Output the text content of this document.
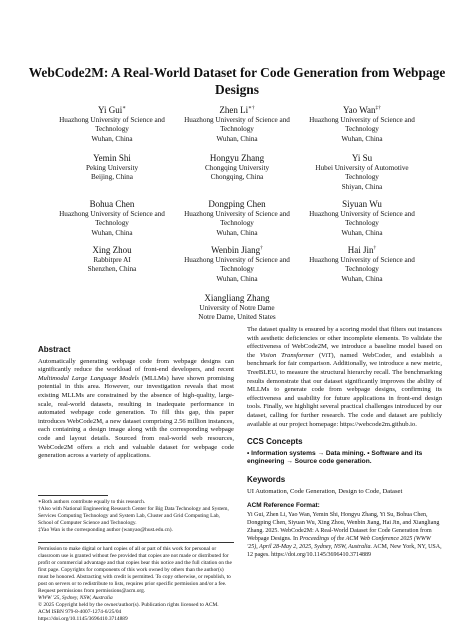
WebCode2M: A Real-World Dataset for Code Generation from Webpage Designs
Yi Gui∗
Huazhong University of Science and
Technology
Wuhan, China
Zhen Li∗†
Huazhong University of Science and
Technology
Wuhan, China
Yao Wan‡†
Huazhong University of Science and
Technology
Wuhan, China
Yemin Shi
Peking University
Beijing, China
Hongyu Zhang
Chongqing University
Chongqing, China
Yi Su
Hubei University of Automotive
Technology
Shiyan, China
Bohua Chen
Huazhong University of Science and
Technology
Wuhan, China
Dongping Chen
Huazhong University of Science and
Technology
Wuhan, China
Siyuan Wu
Huazhong University of Science and
Technology
Wuhan, China
Xing Zhou
Rabbitpre AI
Shenzhen, China
Wenbin Jiang†
Huazhong University of Science and
Technology
Wuhan, China
Hai Jin†
Huazhong University of Science and
Technology
Wuhan, China
Xiangliang Zhang
University of Notre Dame
Notre Dame, United States
Abstract

Automatically generating webpage code from webpage designs can significantly reduce the workload of front-end developers, and recent Multimodal Large Language Models (MLLMs) have shown promising potential in this area. However, our investigation reveals that most existing MLLMs are constrained by the absence of high-quality, large-scale, real-world datasets, resulting in inadequate performance in automated webpage code generation. To fill this gap, this paper introduces WebCode2M, a new dataset comprising 2.56 million instances, each containing a design image along with the corresponding webpage code and layout details. Sourced from real-world web resources, WebCode2M offers a rich and valuable dataset for webpage code generation across a variety of applications.

∗Both authors contribute equally to this research.
†Also with National Engineering Research Center for Big Data Technology and System, Services Computing Technology and System Lab, Cluster and Grid Computing Lab, School of Computer Science and Technology.
‡Yao Wan is the corresponding author (wanyao@hust.edu.cn).
Permission to make digital or hard copies of all or part of this work for personal or classroom use is granted without fee provided that copies are not made or distributed for profit or commercial advantage and that copies bear this notice and the full citation on the first page. Copyrights for components of this work owned by others than the author(s) must be honored. Abstracting with credit is permitted. To copy otherwise, or republish, to post on servers or to redistribute to lists, requires prior specific permission and/or a fee. Request permissions from permissions@acm.org.
WWW '25, Sydney, NSW, Australia
© 2025 Copyright held by the owner/author(s). Publication rights licensed to ACM.
ACM ISBN 979-8-4007-1274-6/25/04
https://doi.org/10.1145/3696410.3714889

The dataset quality is ensured by a scoring model that filters out instances with aesthetic deficiencies or other incomplete elements. To validate the effectiveness of WebCode2M, we introduce a baseline model based on the Vision Transformer (ViT), named WebCoder, and establish a benchmark for fair comparison. Additionally, we introduce a new metric, TreeBLEU, to measure the structural hierarchy recall. The benchmarking results demonstrate that our dataset significantly improves the ability of MLLMs to generate code from webpage designs, confirming its effectiveness and usability for future applications in front-end design tools. Finally, we highlight several practical challenges introduced by our dataset, calling for further research. The code and dataset are publicly available at our project homepage: https://webcode2m.github.io.

CCS Concepts
• Information systems → Data mining. • Software and its engineering → Source code generation.
Keywords
UI Automation, Code Generation, Design to Code, Dataset
ACM Reference Format:
Yi Gui, Zhen Li, Yao Wan, Yemin Shi, Hongyu Zhang, Yi Su, Bohua Chen, Dongping Chen, Siyuan Wu, Xing Zhou, Wenbin Jiang, Hai Jin, and Xiangliang Zhang. 2025. WebCode2M: A Real-World Dataset for Code Generation from Webpage Designs. In Proceedings of the ACM Web Conference 2025 (WWW '25), April 28-May 2, 2025, Sydney, NSW, Australia. ACM, New York, NY, USA, 12 pages. https://doi.org/10.1145/3696410.3714889
